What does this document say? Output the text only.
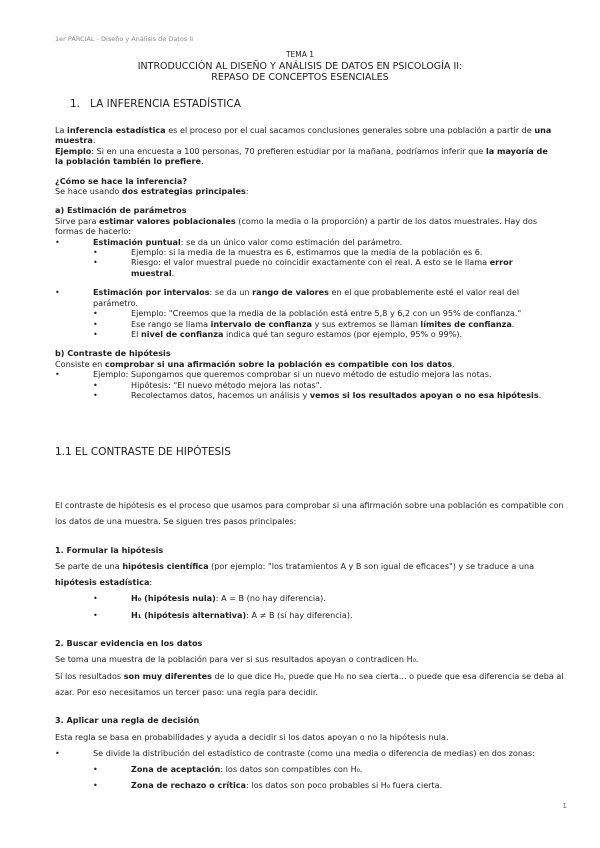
1er PARCIAL - Diseño y Análisis de Datos II
TEMA 1
INTRODUCCIÓN AL DISEÑO Y ANÁLISIS DE DATOS EN PSICOLOGÍA II:
REPASO DE CONCEPTOS ESENCIALES
1. LA INFERENCIA ESTADÍSTICA

La inferencia estadística es el proceso por el cual sacamos conclusiones generales sobre una población a partir de una muestra.

Ejemplo: Si en una encuesta a 100 personas, 70 prefieren estudiar por la mañana, podríamos inferir que la mayoría de la población también lo prefiere.

¿Cómo se hace la inferencia?

Se hace usando dos estrategias principales:

a) Estimación de parámetros

Sirve para estimar valores poblacionales (como la media o la proporción) a partir de los datos muestrales. Hay dos formas de hacerlo:

• Estimación puntual: se da un único valor como estimación del parámetro.

• Ejemplo: si la media de la muestra es 6, estimamos que la media de la población es 6.

• Riesgo: el valor muestral puede no coincidir exactamente con el real. A esto se le llama error muestral.

• Estimación por intervalos: se da un rango de valores en el que probablemente esté el valor real del parámetro.

• Ejemplo: "Creemos que la media de la población está entre 5,8 y 6,2 con un 95% de confianza."

• Ese rango se llama intervalo de confianza y sus extremos se llaman límites de confianza.

• El nivel de confianza indica qué tan seguro estamos (por ejemplo, 95% o 99%).

b) Contraste de hipótesis

Consiste en comprobar si una afirmación sobre la población es compatible con los datos.

• Ejemplo: Supongamos que queremos comprobar si un nuevo método de estudio mejora las notas.

• Hipótesis: "El nuevo método mejora las notas".

• Recolectamos datos, hacemos un análisis y vemos si los resultados apoyan o no esa hipótesis.

1.1 EL CONTRASTE DE HIPÓTESIS

El contraste de hipótesis es el proceso que usamos para comprobar si una afirmación sobre una población es compatible con los datos de una muestra. Se siguen tres pasos principales:

1. Formular la hipótesis

Se parte de una hipótesis científica (por ejemplo: "los tratamientos A y B son igual de eficaces") y se traduce a una hipótesis estadística:

• H₀ (hipótesis nula): A = B (no hay diferencia).

• H₁ (hipótesis alternativa): A ≠ B (sí hay diferencia).

2. Buscar evidencia en los datos

Se toma una muestra de la población para ver si sus resultados apoyan o contradicen H₀.

Si los resultados son muy diferentes de lo que dice H₀, puede que H₀ no sea cierta... o puede que esa diferencia se deba al azar. Por eso necesitamos un tercer paso: una regla para decidir.

3. Aplicar una regla de decisión

Esta regla se basa en probabilidades y ayuda a decidir si los datos apoyan o no la hipótesis nula.

• Se divide la distribución del estadístico de contraste (como una media o diferencia de medias) en dos zonas:

• Zona de aceptación: los datos son compatibles con H₀.

• Zona de rechazo o crítica: los datos son poco probables si H₀ fuera cierta.

1
